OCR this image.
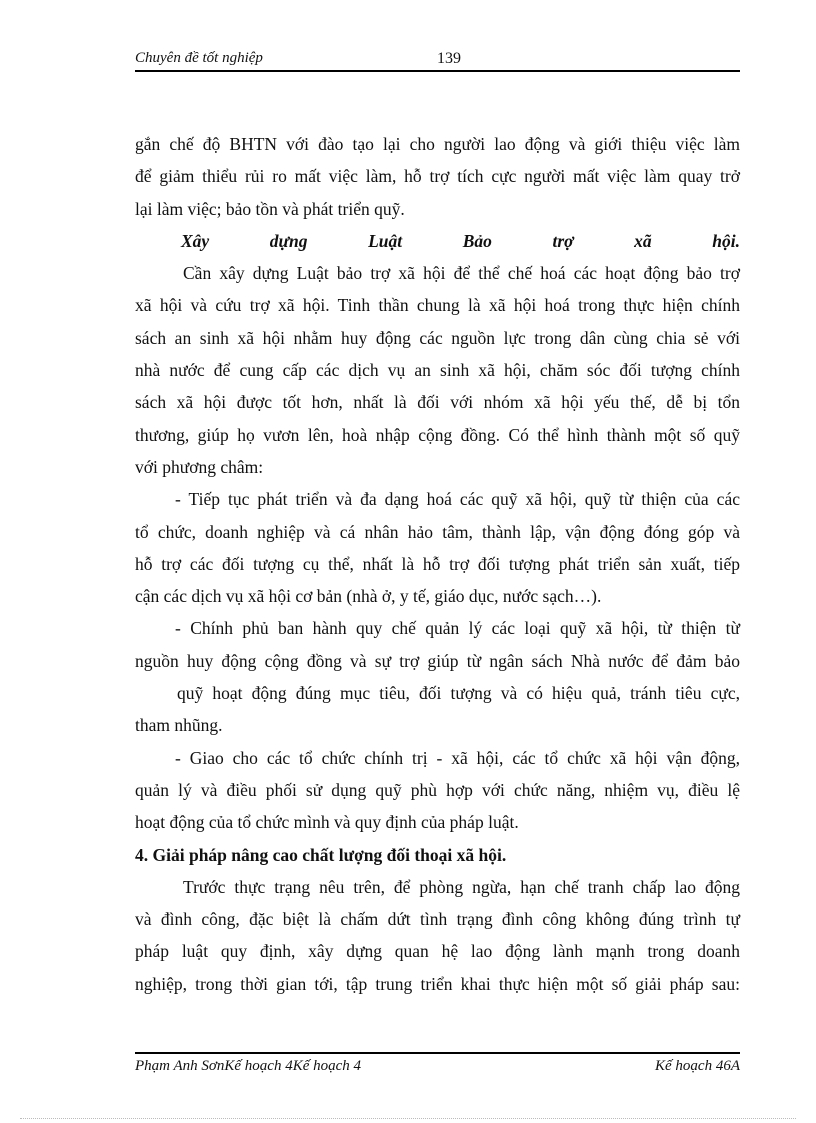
Chuyên đề tốt nghiệp	139
gắn chế độ BHTN với đào tạo lại cho người lao động và giới thiệu việc làm
để giảm thiểu rủi ro mất việc làm, hỗ trợ tích cực người mất việc làm quay trở
lại làm việc; bảo tồn và phát triển quỹ.
Xây dựng Luật Bảo trợ xã hội.
Cần xây dựng Luật bảo trợ xã hội để thể chế hoá các hoạt động bảo trợ
xã hội và cứu trợ xã hội. Tinh thần chung là xã hội hoá trong thực hiện chính
sách an sinh xã hội nhằm huy động các nguồn lực trong dân cùng chia sẻ với
nhà nước để cung cấp các dịch vụ an sinh xã hội, chăm sóc đối tượng chính
sách xã hội được tốt hơn, nhất là đối với nhóm xã hội yếu thế, dễ bị tổn
thương, giúp họ vươn lên, hoà nhập cộng đồng. Có thể hình thành một số quỹ
với phương châm:
- Tiếp tục phát triển và đa dạng hoá các quỹ xã hội, quỹ từ thiện của các
tổ chức, doanh nghiệp và cá nhân hảo tâm, thành lập, vận động đóng góp và
hỗ trợ các đối tượng cụ thể, nhất là hỗ trợ đối tượng phát triển sản xuất, tiếp
cận các dịch vụ xã hội cơ bản (nhà ở, y tế, giáo dục, nước sạch…).
- Chính phủ ban hành quy chế quản lý các loại quỹ xã hội, từ thiện từ
nguồn huy động cộng đồng và sự trợ giúp từ ngân sách Nhà nước để đảm bảo
quỹ hoạt động đúng mục tiêu, đối tượng và có hiệu quả, tránh tiêu cực,
tham nhũng.
- Giao cho các tổ chức chính trị - xã hội, các tổ chức xã hội vận động,
quản lý và điều phối sử dụng quỹ phù hợp với chức năng, nhiệm vụ, điều lệ
hoạt động của tổ chức mình và quy định của pháp luật.
4. Giải pháp nâng cao chất lượng đối thoại xã hội.
Trước thực trạng nêu trên, để phòng ngừa, hạn chế tranh chấp lao động
và đình công, đặc biệt là chấm dứt tình trạng đình công không đúng trình tự
pháp luật quy định, xây dựng quan hệ lao động lành mạnh trong doanh
nghiệp, trong thời gian tới, tập trung triển khai thực hiện một số giải pháp sau:
Phạm Anh SơnKế hoạch 4Kế hoạch 4	Kế hoạch 46A
